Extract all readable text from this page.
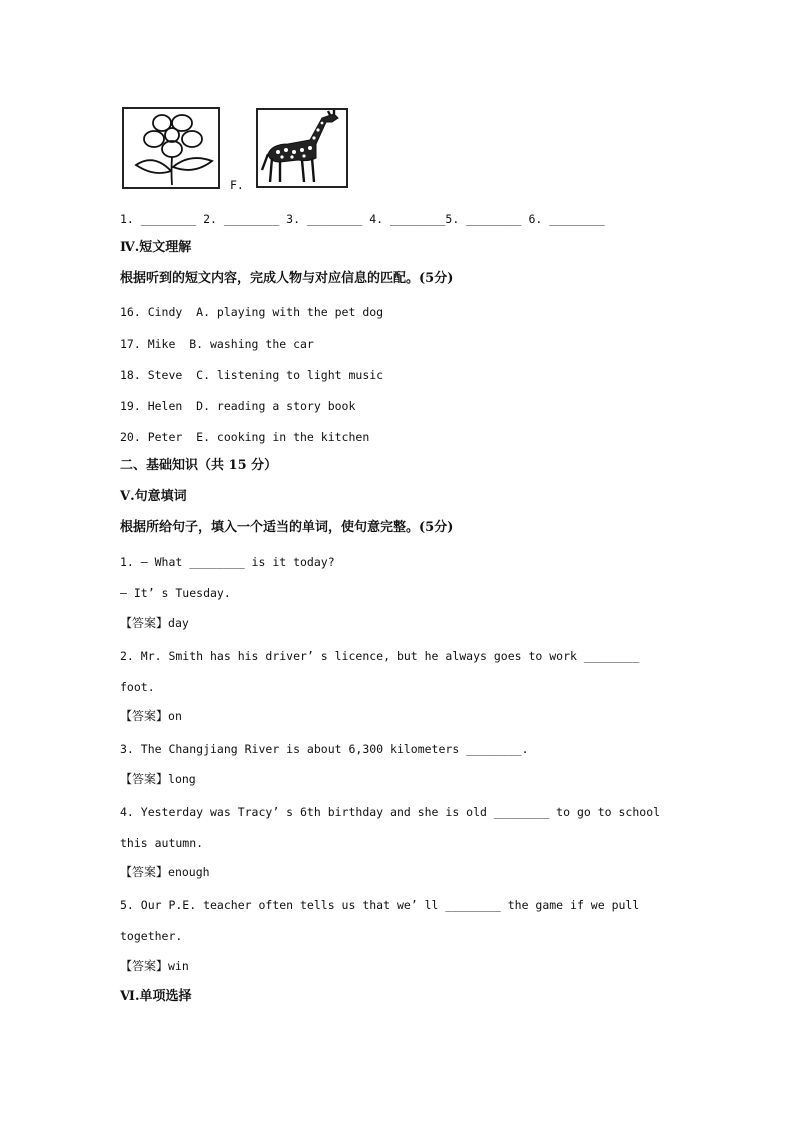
F.
1. ________ 2. ________ 3. ________ 4. ________5. ________ 6. ________
Ⅳ.短文理解
根据听到的短文内容，完成人物与对应信息的匹配。(5分)
16. Cindy  A. playing with the pet dog
17. Mike  B. washing the car
18. Steve  C. listening to light music
19. Helen  D. reading a story book
20. Peter  E. cooking in the kitchen
二、基础知识（共 15 分）
Ⅴ.句意填词
根据所给句子，填入一个适当的单词，使句意完整。(5分)
1. — What ________ is it today?
— It’ s Tuesday.
【答案】day
2. Mr. Smith has his driver’ s licence, but he always goes to work ________
foot.
【答案】on
3. The Changjiang River is about 6,300 kilometers ________.
【答案】long
4. Yesterday was Tracy’ s 6th birthday and she is old ________ to go to school
this autumn.
【答案】enough
5. Our P.E. teacher often tells us that we’ ll ________ the game if we pull
together.
【答案】win
Ⅵ.单项选择
